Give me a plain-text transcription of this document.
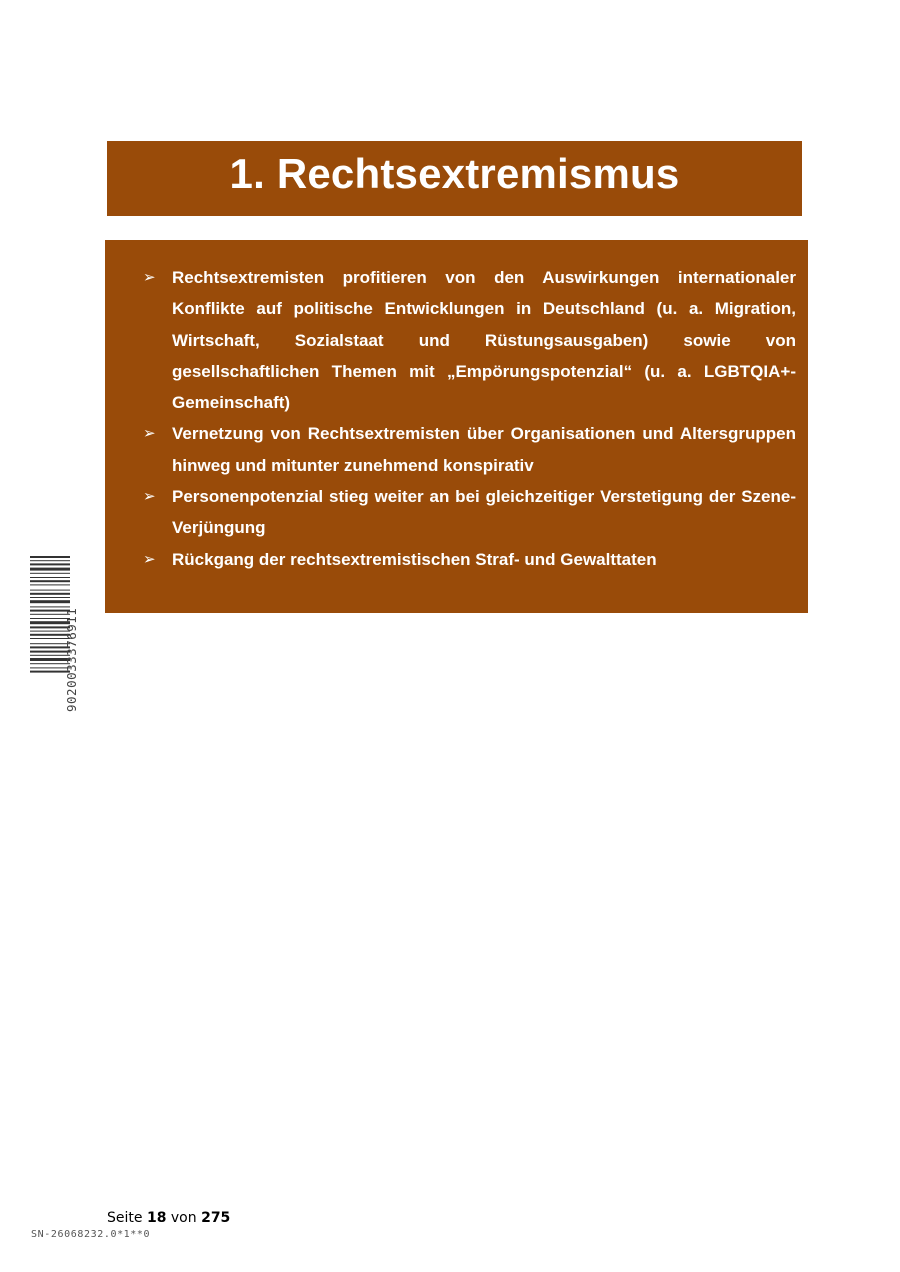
1. Rechtsextremismus
➢ Rechtsextremisten profitieren von den Auswirkungen internationaler Konflikte auf politische Entwicklungen in Deutschland (u. a. Migration, Wirtschaft, Sozialstaat und Rüstungsausgaben) sowie von gesellschaftlichen Themen mit „Empörungspotenzial“ (u. a. LGBTQIA+-Gemeinschaft)
➢ Vernetzung von Rechtsextremisten über Organisationen und Altersgruppen hinweg und mitunter zunehmend konspirativ
➢ Personenpotenzial stieg weiter an bei gleichzeitiger Verstetigung der Szene-Verjüngung
➢ Rückgang der rechtsextremistischen Straf- und Gewalttaten
9020033376911
Seite 18 von 275
SN-26068232.0*1**0
